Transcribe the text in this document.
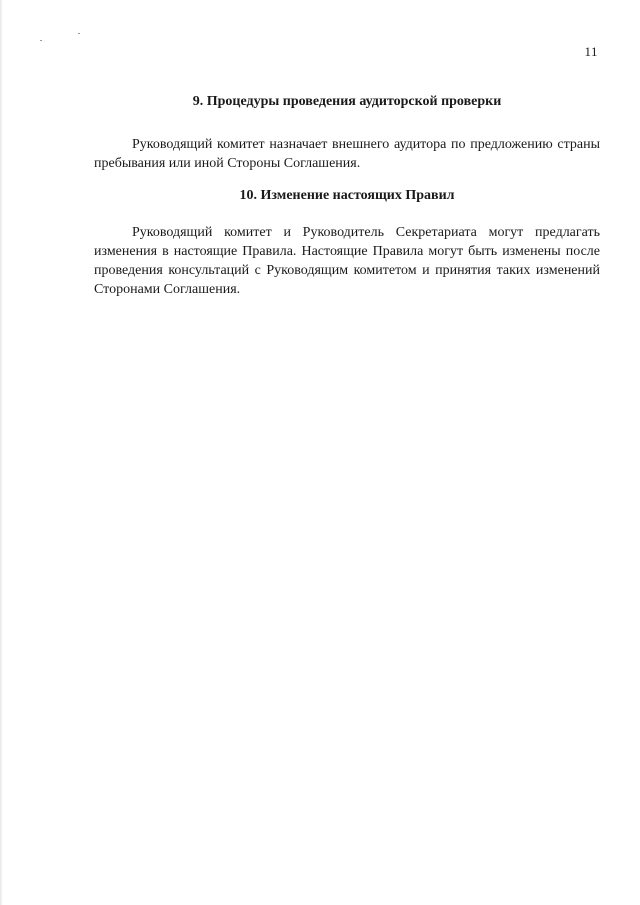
11
9. Процедуры проведения аудиторской проверки

Руководящий комитет назначает внешнего аудитора по предложению страны
пребывания или иной Стороны Соглашения.

10. Изменение настоящих Правил

Руководящий комитет и Руководитель Секретариата могут предлагать
изменения в настоящие Правила. Настоящие Правила могут быть изменены после
проведения консультаций с Руководящим комитетом и принятия таких изменений
Сторонами Соглашения.
